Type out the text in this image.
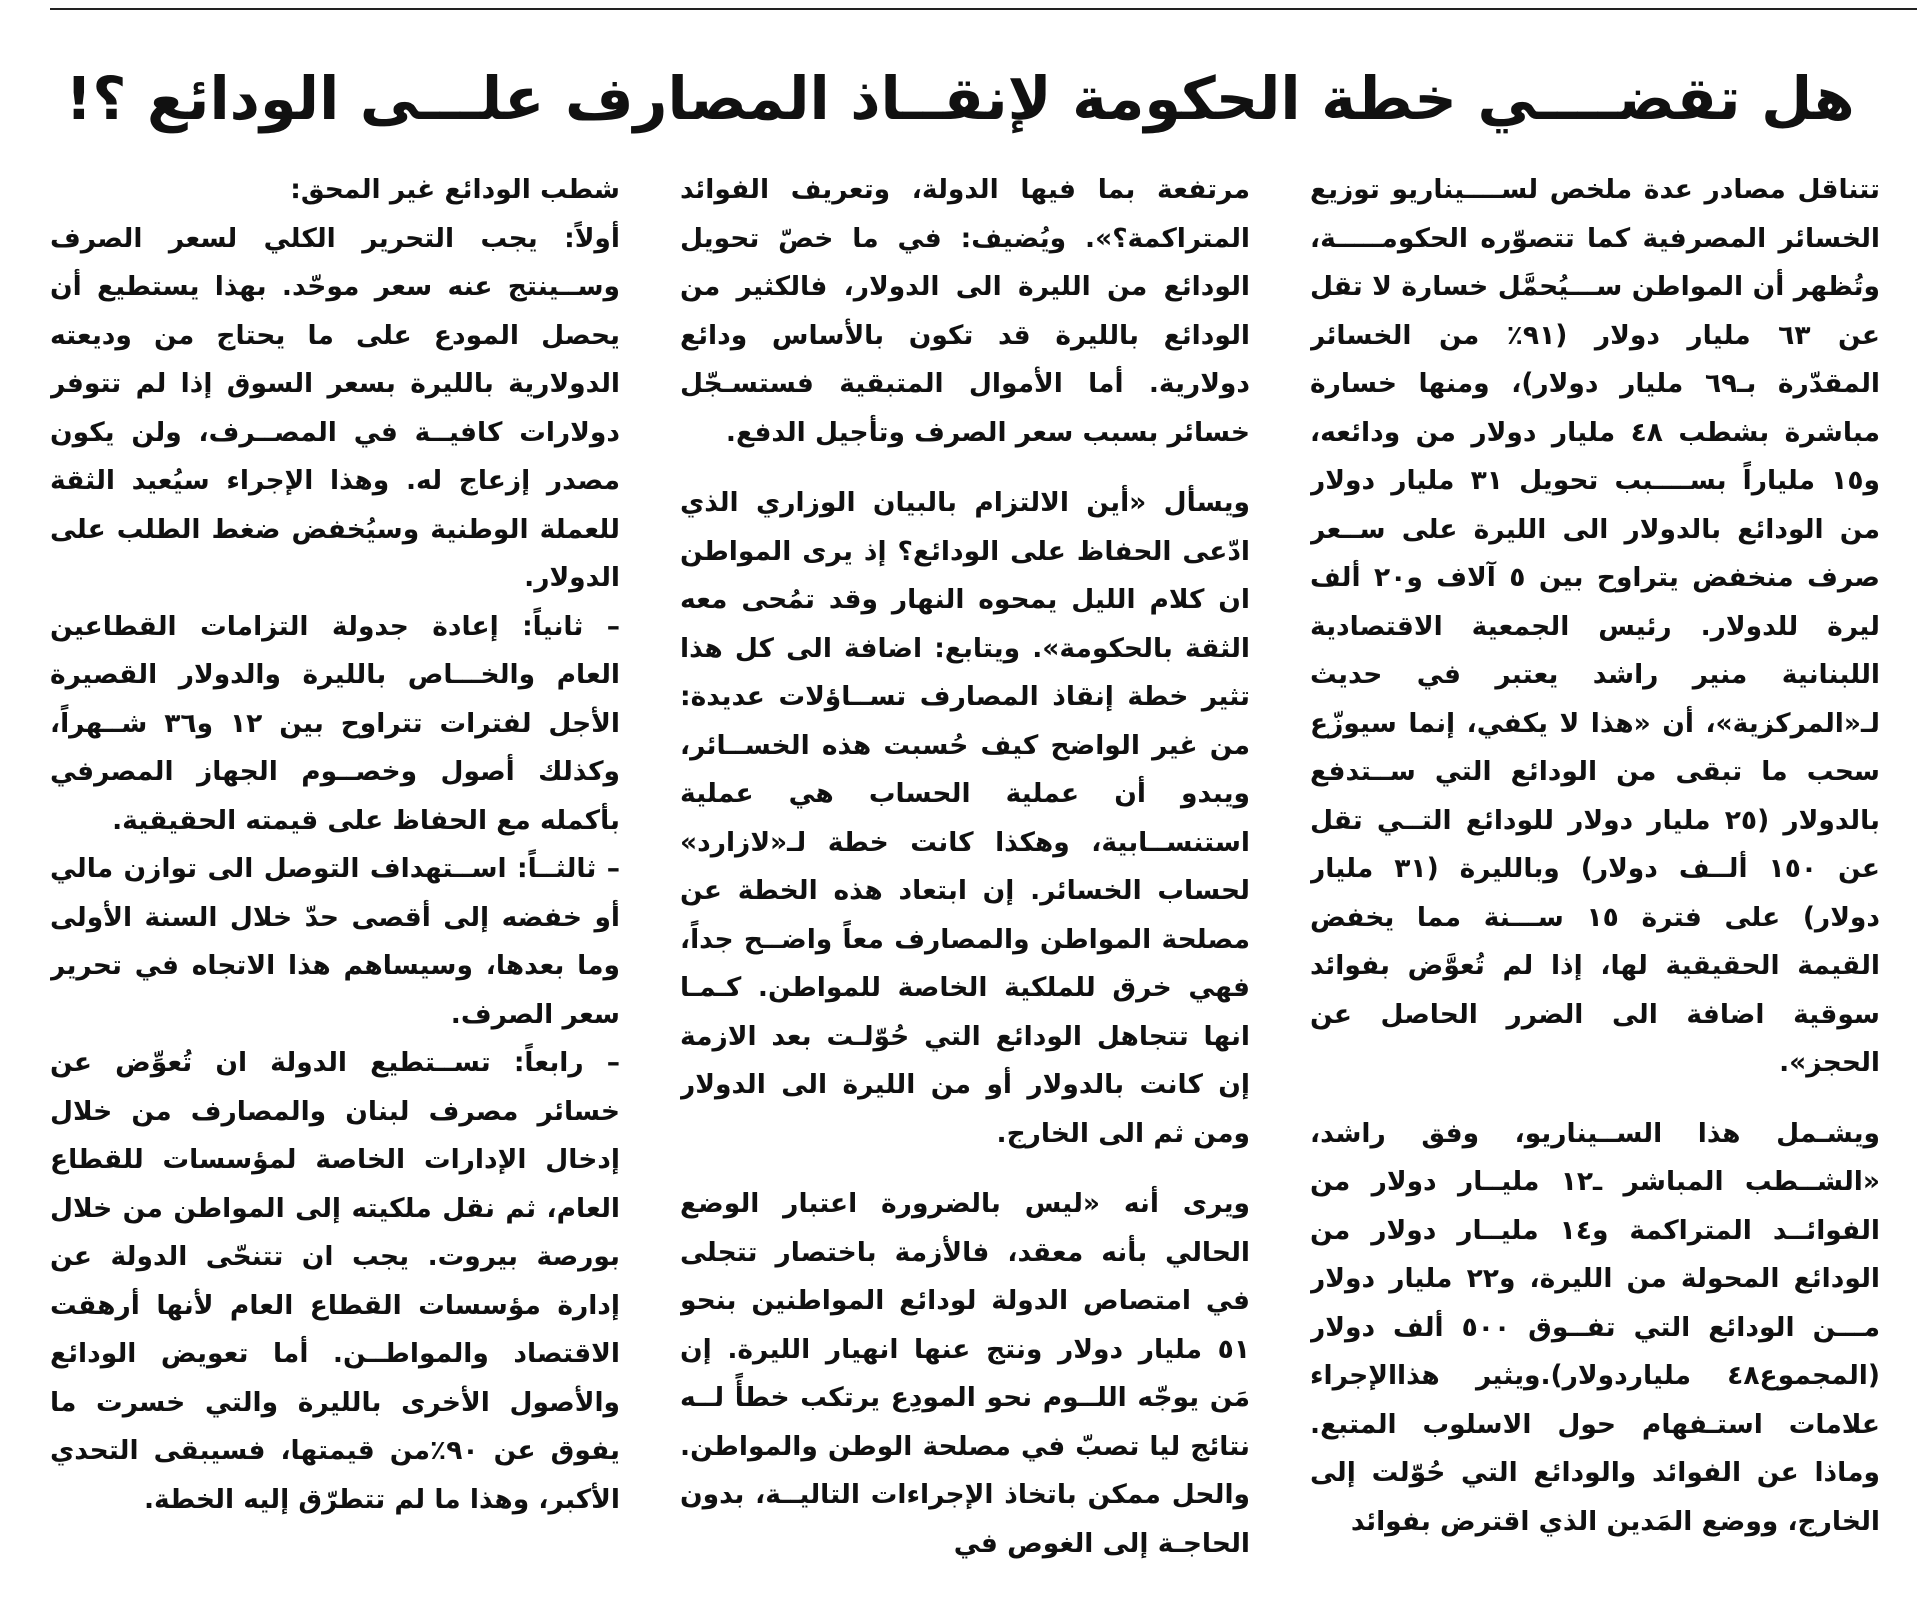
هل تقضــــي خطة الحكومة لإنقــاذ المصارف علـــى الودائع ؟!

تتناقل مصادر عدة ملخص لســــيناريو توزيع الخسائر المصرفية كما تتصوّره الحكومـــــة، وتُظهر أن المواطن ســـيُحمَّل خسارة لا تقل عن ٦٣ مليار دولار (٩١٪ من الخسائر المقدّرة بـ٦٩ مليار دولار)، ومنها خسارة مباشرة بشطب ٤٨ مليار دولار من ودائعه، و١٥ ملياراً بســــبب تحويل ٣١ مليار دولار من الودائع بالدولار الى الليرة على ســعر صرف منخفض يتراوح بين ٥ آلاف و٢٠ ألف ليرة للدولار. رئيس الجمعية الاقتصادية اللبنانية منير راشد يعتبر في حديث لـ«المركزية»، أن «هذا لا يكفي، إنما سيوزّع سحب ما تبقى من الودائع التي ســتدفع بالدولار (٢٥ مليار دولار للودائع التــي تقل عن ١٥٠ ألــف دولار) وبالليرة (٣١ مليار دولار) على فترة ١٥ ســـنة مما يخفض القيمة الحقيقية لها، إذا لم تُعوَّض بفوائد سوقية اضافة الى الضرر الحاصل عن الحجز».

ويشـمل هذا الســيناريو، وفق راشد، «الشــطب المباشر ـ١٢ مليــار دولار من الفوائــد المتراكمة و١٤ مليــار دولار من الودائع المحولة من الليرة، و٢٢ مليار دولار مـــن الودائع التي تفــوق ٥٠٠ ألف دولار (المجموع٤٨ ملياردولار).ويثير هذاالإجراء علامات استـفهام حول الاسلوب المتبع. وماذا عن الفوائد والودائع التي حُوّلت إلى الخارج، ووضع المَدين الذي اقترض بفوائد

مرتفعة بما فيها الدولة، وتعريف الفوائد المتراكمة؟». ويُضيف: في ما خصّ تحويل الودائع من الليرة الى الدولار، فالكثير من الودائع بالليرة قد تكون بالأساس ودائع دولارية. أما الأموال المتبقية فستسـجّل خسائر بسبب سعر الصرف وتأجيل الدفع.

ويسأل «أين الالتزام بالبيان الوزاري الذي ادّعى الحفاظ على الودائع؟ إذ يرى المواطن ان كلام الليل يمحوه النهار وقد تمُحى معه الثقة بالحكومة». ويتابع: اضافة الى كل هذا تثير خطة إنقاذ المصارف تســاؤلات عديدة: من غير الواضح كيف حُسبت هذه الخســائر، ويبدو أن عملية الحساب هي عملية استنســابية، وهكذا كانت خطة لـ«لازارد» لحساب الخسائر. إن ابتعاد هذه الخطة عن مصلحة المواطن والمصارف معاً واضــح جداً، فهي خرق للملكية الخاصة للمواطن. كـمـا انها تتجاهل الودائع التي حُوّلـت بعد الازمة إن كانت بالدولار أو من الليرة الى الدولار ومن ثم الى الخارج.

ويرى أنه «ليس بالضرورة اعتبار الوضع الحالي بأنه معقد، فالأزمة باختصار تتجلى في امتصاص الدولة لودائع المواطنين بنحو ٥١ مليار دولار ونتج عنها انهيار الليرة. إن مَن يوجّه اللــوم نحو المودِع يرتكب خطأً لــه نتائج ليا تصبّ في مصلحة الوطن والمواطن. والحل ممكن باتخاذ الإجراءات التاليــة، بدون الحاجـة إلى الغوص في

شطب الودائع غير المحق:

أولاً: يجب التحرير الكلي لسعر الصرف وســينتج عنه سعر موحّد. بهذا يستطيع أن يحصل المودع على ما يحتاج من وديعته الدولارية بالليرة بسعر السوق إذا لم تتوفر دولارات كافيــة في المصــرف، ولن يكون مصدر إزعاج له. وهذا الإجراء سيُعيد الثقة للعملة الوطنية وسيُخفض ضغط الطلب على الدولار.

– ثانياً: إعادة جدولة التزامات القطاعين العام والخـــاص بالليرة والدولار القصيرة الأجل لفترات تتراوح بين ١٢ و٣٦ شــهراً، وكذلك أصول وخصــوم الجهاز المصرفي بأكمله مع الحفاظ على قيمته الحقيقية.

– ثالثــاً: اســتهداف التوصل الى توازن مالي أو خفضه إلى أقصى حدّ خلال السنة الأولى وما بعدها، وسيساهم هذا الاتجاه في تحرير سعر الصرف.

– رابعاً: تســتطيع الدولة ان تُعوِّض عن خسائر مصرف لبنان والمصارف من خلال إدخال الإدارات الخاصة لمؤسسات للقطاع العام، ثم نقل ملكيته إلى المواطن من خلال بورصة بيروت. يجب ان تتنحّى الدولة عن إدارة مؤسسات القطاع العام لأنها أرهقت الاقتصاد والمواطــن. أما تعويض الودائع والأصول الأخرى بالليرة والتي خسرت ما يفوق عن ٩٠٪من قيمتها، فسيبقى التحدي الأكبر، وهذا ما لم تتطرّق إليه الخطة.
